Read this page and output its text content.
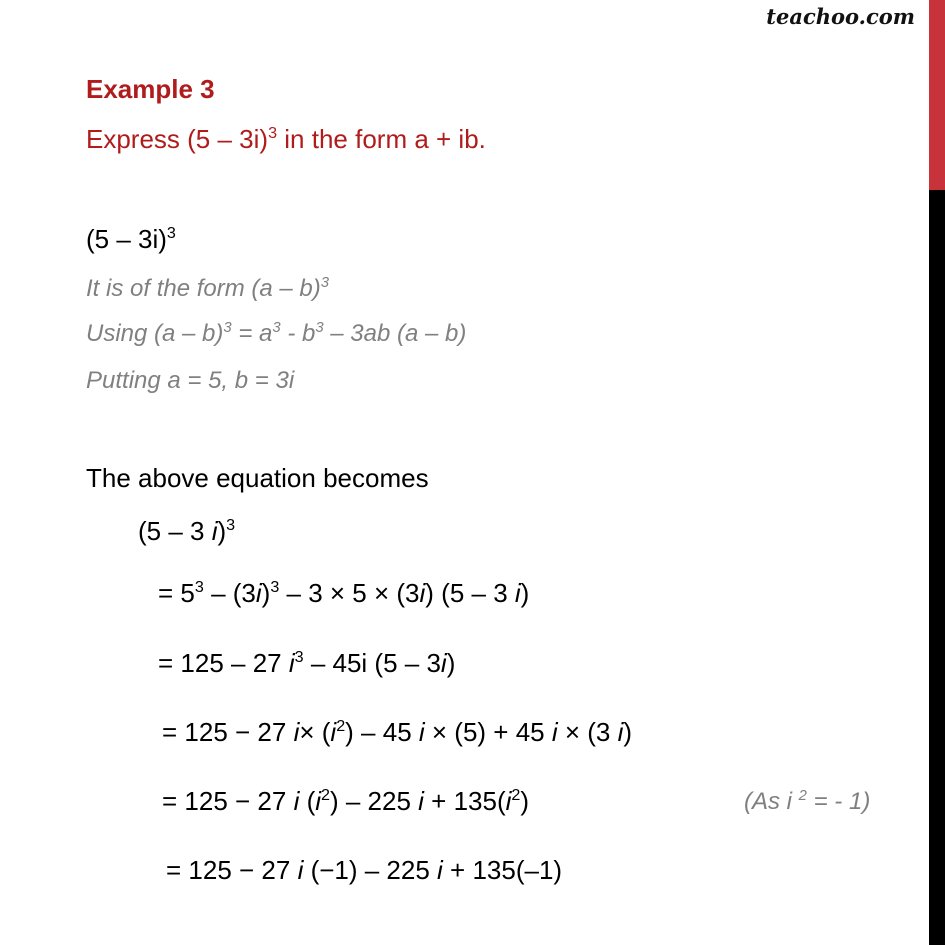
teachoo.com
Example 3
Express (5 – 3i)$^3$ in the form a + ib.
(5 – 3i)$^3$
It is of the form (a – b)$^3$
Using $(a - b)^3 = a^3 - b^3 - 3ab$ (a – b)
Putting a = 5, b = 3i
The above equation becomes
(5 – 3 i)$^3$
= $5^3 - (3i)^3 - 3 \times 5 \times (3i)$ (5 – 3 i)
= 125 – 27 $i^3 - 45i$ (5 – 3i)
= 125 − 27 $i\times (i^2) - 45$ i × (5) + 45 i × (3 i)
= 125 − 27 i $(i^2) - 225$ $i + 135(i^2)$	(As i $^2$ = - 1)
= 125 − 27 i (−1) – 225 i + 135(–1)
